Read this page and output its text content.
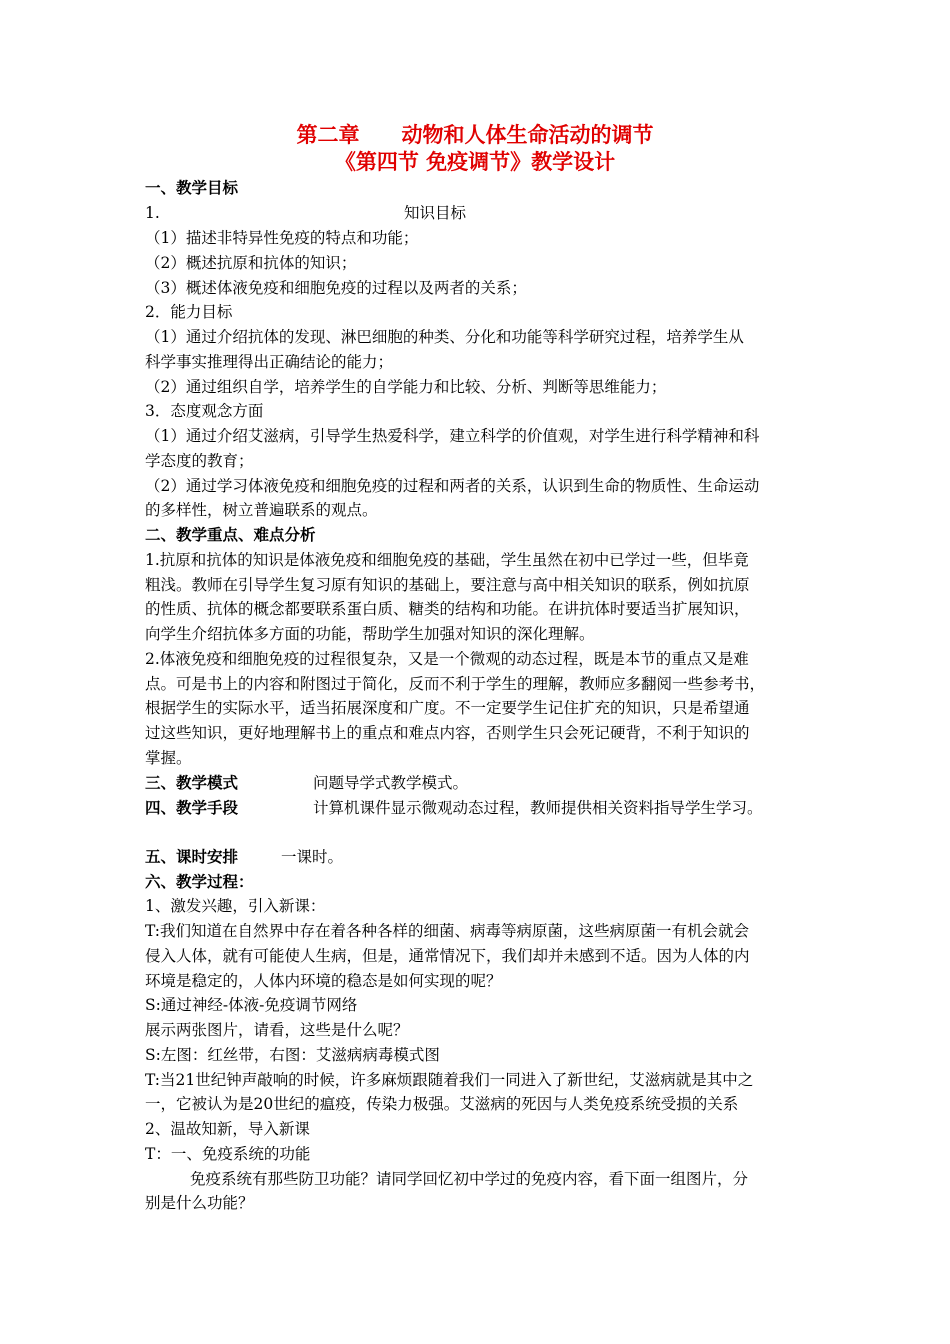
第二章　　动物和人体生命活动的调节
《第四节 免疫调节》教学设计
一、教学目标
1.	知识目标
（1）描述非特异性免疫的特点和功能；
（2）概述抗原和抗体的知识；
（3）概述体液免疫和细胞免疫的过程以及两者的关系；
2．能力目标
（1）通过介绍抗体的发现、淋巴细胞的种类、分化和功能等科学研究过程，培养学生从
科学事实推理得出正确结论的能力；
（2）通过组织自学，培养学生的自学能力和比较、分析、判断等思维能力；
3．态度观念方面
（1）通过介绍艾滋病，引导学生热爱科学，建立科学的价值观，对学生进行科学精神和科
学态度的教育；
（2）通过学习体液免疫和细胞免疫的过程和两者的关系，认识到生命的物质性、生命运动
的多样性，树立普遍联系的观点。
二、教学重点、难点分析
1.抗原和抗体的知识是体液免疫和细胞免疫的基础，学生虽然在初中已学过一些，但毕竟
粗浅。教师在引导学生复习原有知识的基础上，要注意与高中相关知识的联系，例如抗原
的性质、抗体的概念都要联系蛋白质、糖类的结构和功能。在讲抗体时要适当扩展知识，
向学生介绍抗体多方面的功能，帮助学生加强对知识的深化理解。
2.体液免疫和细胞免疫的过程很复杂，又是一个微观的动态过程，既是本节的重点又是难
点。可是书上的内容和附图过于简化，反而不利于学生的理解，教师应多翻阅一些参考书，
根据学生的实际水平，适当拓展深度和广度。不一定要学生记住扩充的知识，只是希望通
过这些知识，更好地理解书上的重点和难点内容，否则学生只会死记硬背，不利于知识的
掌握。
三、教学模式	问题导学式教学模式。
四、教学手段	计算机课件显示微观动态过程，教师提供相关资料指导学生学习。
五、课时安排	一课时。
六、教学过程：
1、激发兴趣，引入新课：
T:我们知道在自然界中存在着各种各样的细菌、病毒等病原菌，这些病原菌一有机会就会
侵入人体，就有可能使人生病，但是，通常情况下，我们却并未感到不适。因为人体的内
环境是稳定的，人体内环境的稳态是如何实现的呢？
S:通过神经-体液-免疫调节网络
展示两张图片，请看，这些是什么呢？
S:左图：红丝带，右图：艾滋病病毒模式图
T:当21世纪钟声敲响的时候，许多麻烦跟随着我们一同进入了新世纪，艾滋病就是其中之
一，它被认为是20世纪的瘟疫，传染力极强。艾滋病的死因与人类免疫系统受损的关系
2、温故知新，导入新课
T：一、免疫系统的功能
免疫系统有那些防卫功能？请同学回忆初中学过的免疫内容，看下面一组图片，分
别是什么功能？
